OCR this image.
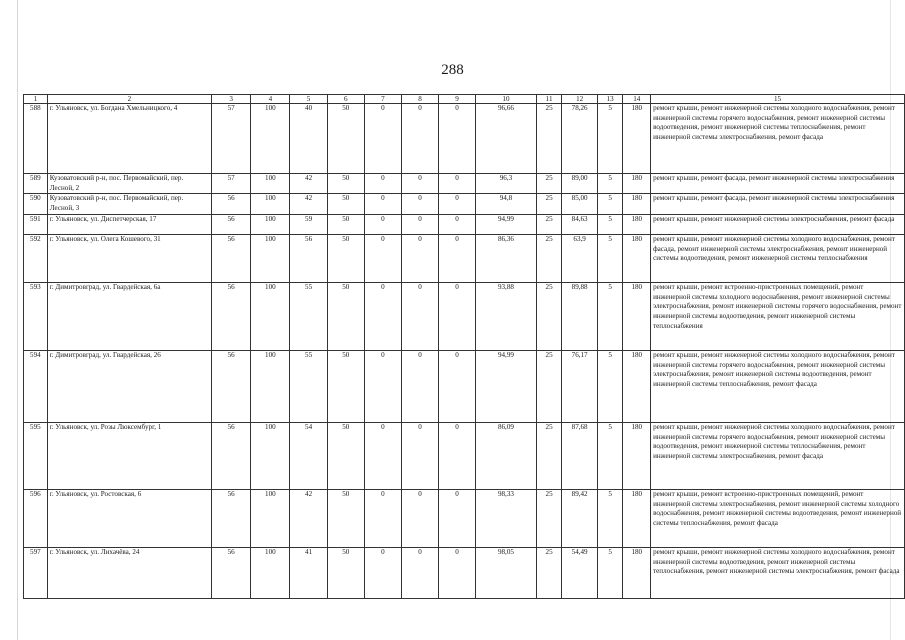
288
1	2	3	4	5	6	7	8	9	10	11	12	13	14	15
588	г. Ульяновск, ул. Богдана Хмельницкого, 4	57	100	40	50	0	0	0	96,66	25	78,26	5	180	ремонт крыши, ремонт инженерной системы холодного водоснабжения, ремонт инженерной системы горячего водоснабжения, ремонт инженерной системы водоотведения, ремонт инженерной системы теплоснабжения, ремонт инженерной системы электроснабжения, ремонт фасада
589	Кузоватовский р-н, пос. Первомайский, пер. Лесной, 2	57	100	42	50	0	0	0	96,3	25	89,00	5	180	ремонт крыши, ремонт фасада, ремонт инженерной системы электроснабжения
590	Кузоватовский р-н, пос. Первомайский, пер. Лесной, 3	56	100	42	50	0	0	0	94,8	25	85,00	5	180	ремонт крыши, ремонт фасада, ремонт инженерной системы электроснабжения
591	г. Ульяновск, ул. Диспетчерская, 17	56	100	59	50	0	0	0	94,99	25	84,63	5	180	ремонт крыши, ремонт инженерной системы электроснабжения, ремонт фасада
592	г. Ульяновск, ул. Олега Кошевого, 31	56	100	56	50	0	0	0	86,36	25	63,9	5	180	ремонт крыши, ремонт инженерной системы холодного водоснабжения, ремонт фасада, ремонт инженерной системы электроснабжения, ремонт инженерной системы водоотведения, ремонт инженерной системы теплоснабжения
593	г. Димитровград, ул. Гвардейская, 6а	56	100	55	50	0	0	0	93,88	25	89,88	5	180	ремонт крыши, ремонт встроенно-пристроенных помещений, ремонт инженерной системы холодного водоснабжения, ремонт инженерной системы электроснабжения, ремонт инженерной системы горячего водоснабжения, ремонт инженерной системы водоотведения, ремонт инженерной системы теплоснабжения
594	г. Димитровград, ул. Гвардейская, 26	56	100	55	50	0	0	0	94,99	25	76,17	5	180	ремонт крыши, ремонт инженерной системы холодного водоснабжения, ремонт инженерной системы горячего водоснабжения, ремонт инженерной системы электроснабжения, ремонт инженерной системы водоотведения, ремонт инженерной системы теплоснабжения, ремонт фасада
595	г. Ульяновск, ул. Розы Люксембург, 1	56	100	54	50	0	0	0	86,09	25	87,68	5	180	ремонт крыши, ремонт инженерной системы холодного водоснабжения, ремонт инженерной системы горячего водоснабжения, ремонт инженерной системы водоотведения, ремонт инженерной системы теплоснабжения, ремонт инженерной системы электроснабжения, ремонт фасада
596	г. Ульяновск, ул. Ростовская, 6	56	100	42	50	0	0	0	98,33	25	89,42	5	180	ремонт крыши, ремонт встроенно-пристроенных помещений, ремонт инженерной системы электроснабжения, ремонт инженерной системы холодного водоснабжения, ремонт инженерной системы водоотведения, ремонт инженерной системы теплоснабжения, ремонт фасада
597	г. Ульяновск, ул. Лихачёва, 24	56	100	41	50	0	0	0	98,05	25	54,49	5	180	ремонт крыши, ремонт инженерной системы холодного водоснабжения, ремонт инженерной системы водоотведения, ремонт инженерной системы теплоснабжения, ремонт инженерной системы электроснабжения, ремонт фасада
